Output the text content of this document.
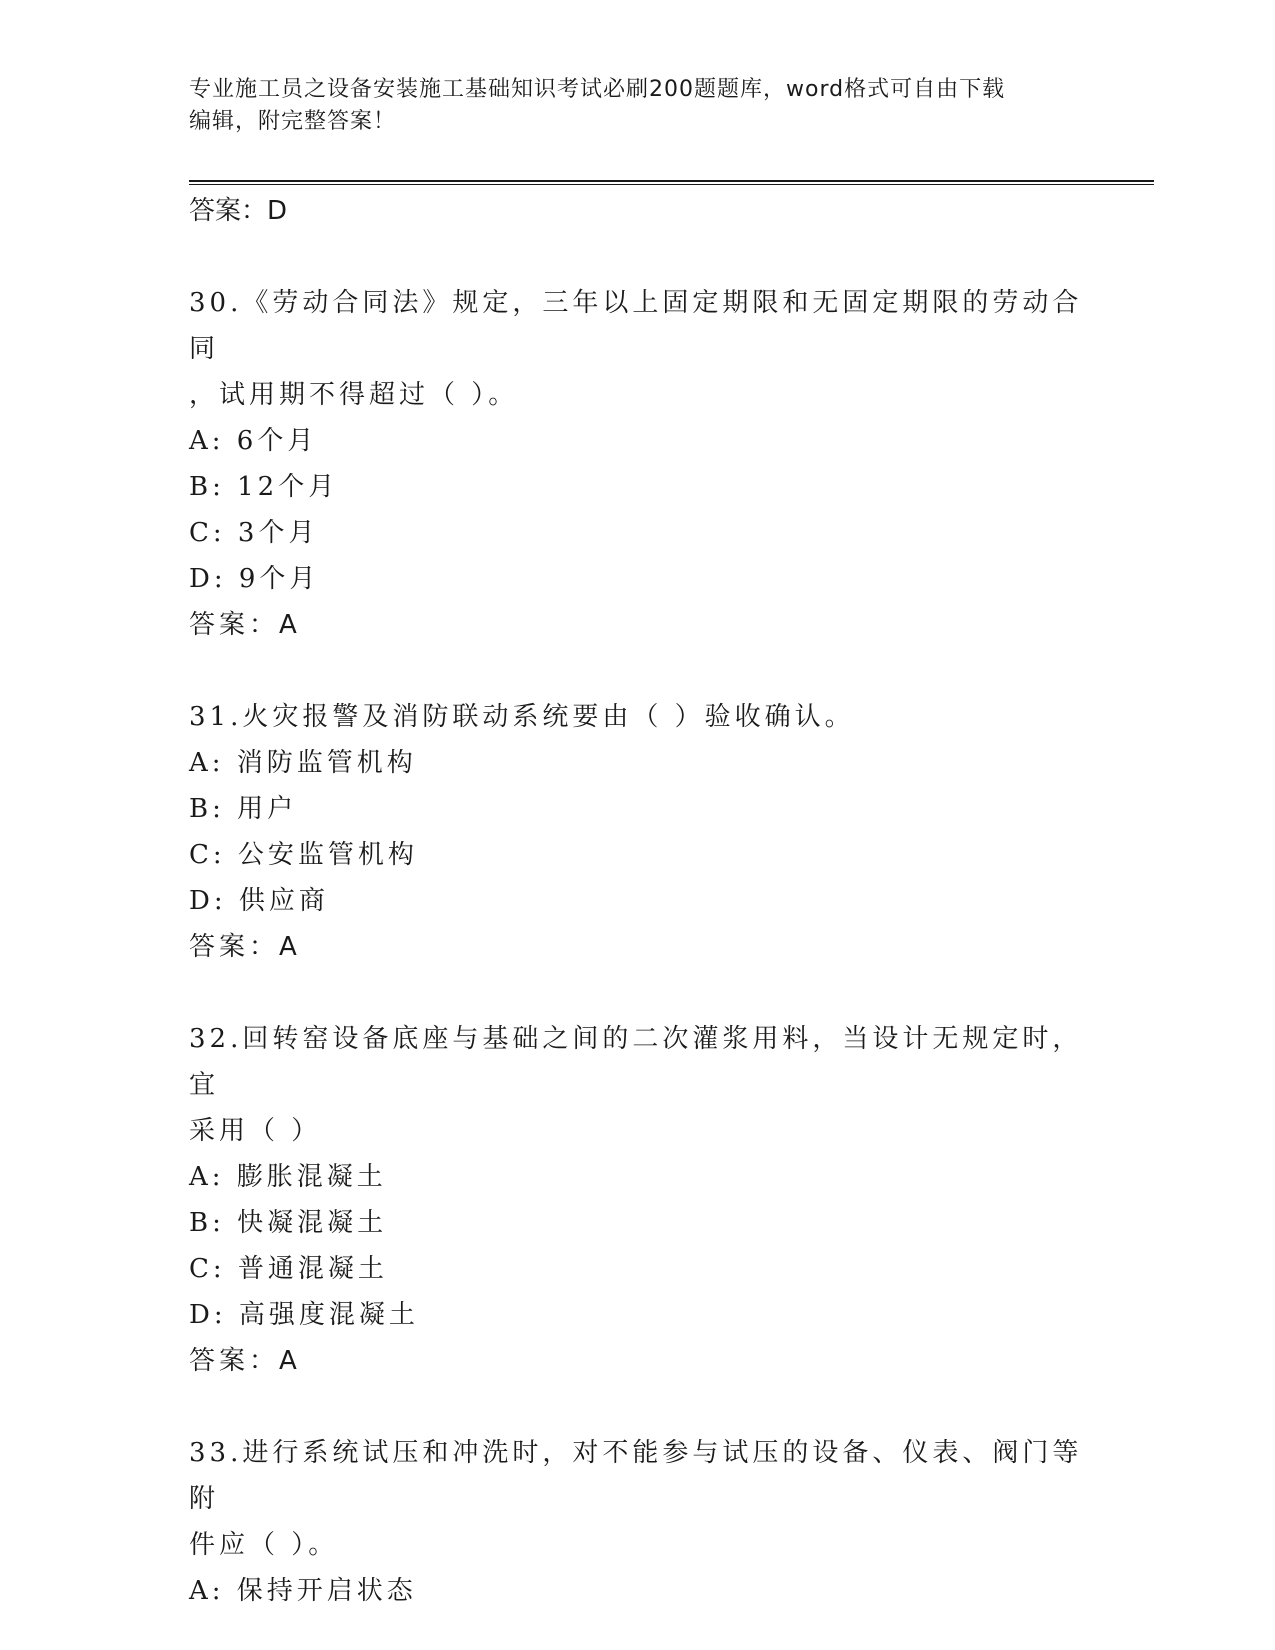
专业施工员之设备安装施工基础知识考试必刷200题题库，word格式可自由下载
编辑，附完整答案！

答案：D

30.《劳动合同法》规定，三年以上固定期限和无固定期限的劳动合同

，试用期不得超过（ ）。

A: 6个月

B: 12个月

C: 3个月

D: 9个月

答案：A

31.火灾报警及消防联动系统要由（ ）验收确认。

A: 消防监管机构

B: 用户

C: 公安监管机构

D: 供应商

答案：A

32.回转窑设备底座与基础之间的二次灌浆用料，当设计无规定时，宜

采用（ ）

A: 膨胀混凝土

B: 快凝混凝土

C: 普通混凝土

D: 高强度混凝土

答案：A

33.进行系统试压和冲洗时，对不能参与试压的设备、仪表、阀门等附

件应（ ）。

A: 保持开启状态
